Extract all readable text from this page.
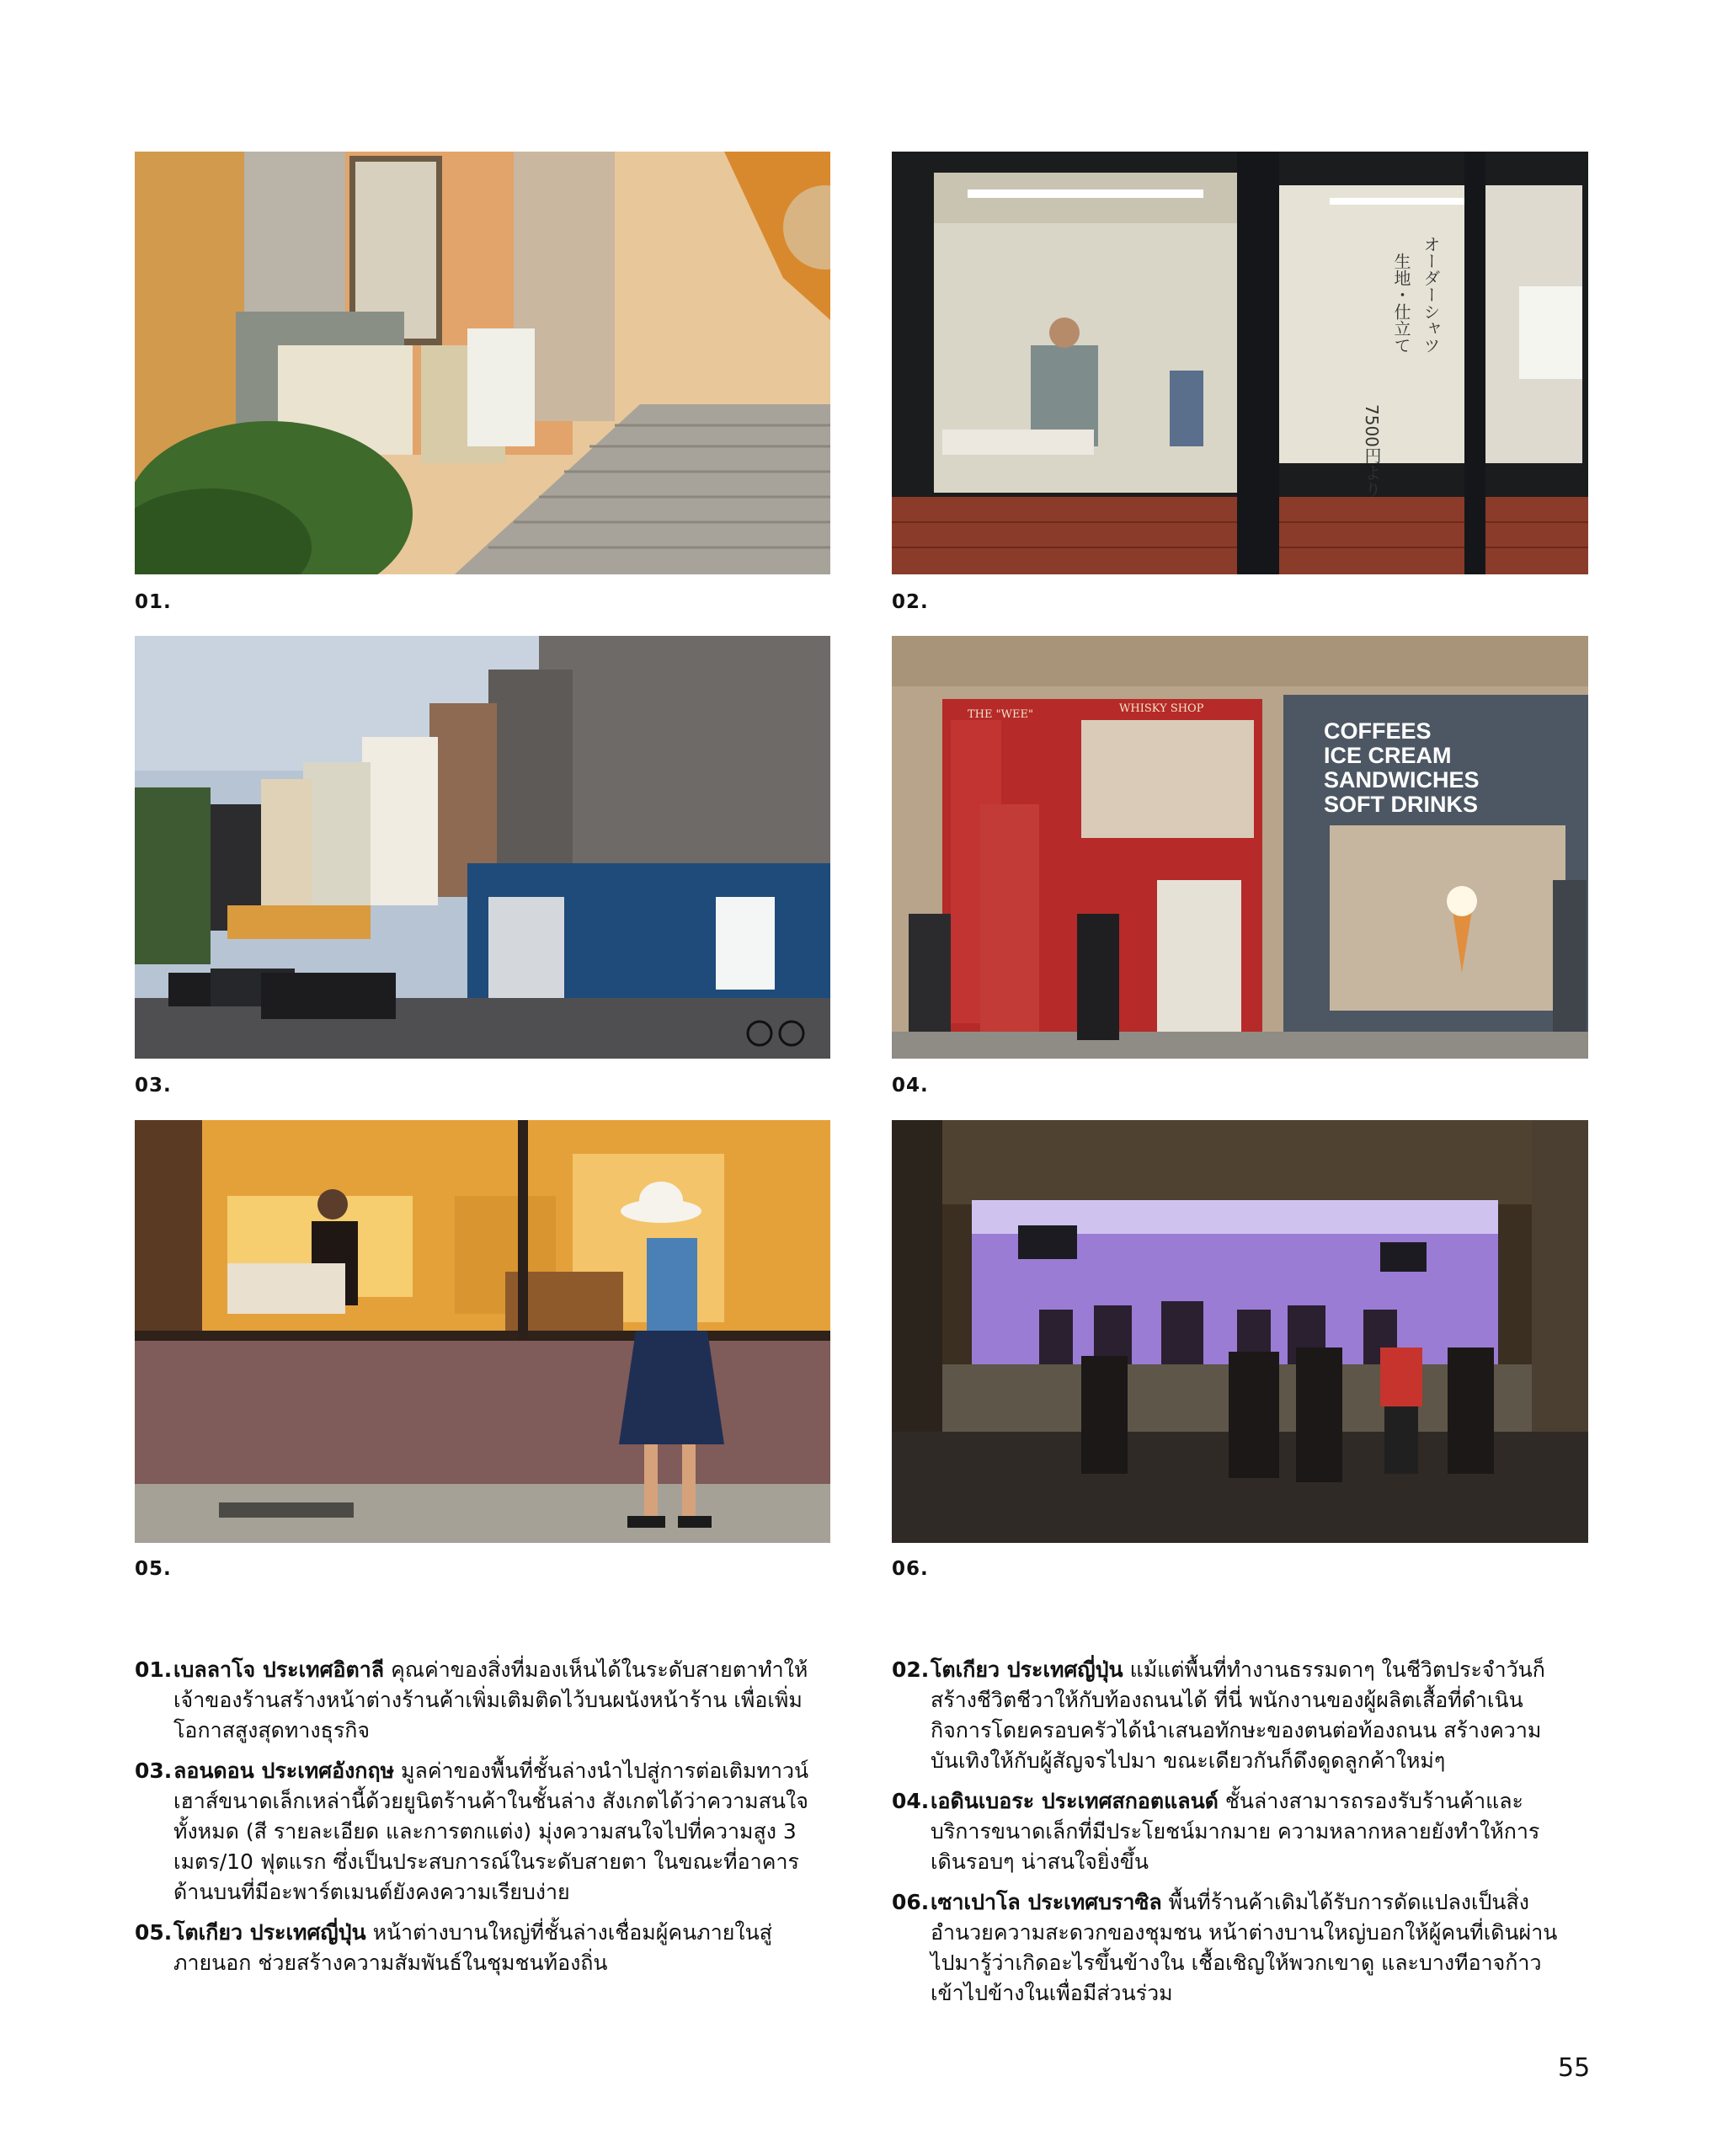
01.
オーダーシャツ
生地・仕立て
7500円より
02.
03.
THE "WEE"	WHISKY SHOP
COFFEES
ICE CREAM
SANDWICHES
SOFT DRINKS
04.
05.	06.
01. เบลลาโจ ประเทศอิตาลี คุณค่าของสิ่งที่มองเห็นได้ในระดับสายตาทำให้เจ้าของร้านสร้างหน้าต่างร้านค้าเพิ่มเติมติดไว้บนผนังหน้าร้าน เพื่อเพิ่มโอกาสสูงสุดทางธุรกิจ
03. ลอนดอน ประเทศอังกฤษ มูลค่าของพื้นที่ชั้นล่างนำไปสู่การต่อเติมทาวน์เฮาส์ขนาดเล็กเหล่านี้ด้วยยูนิตร้านค้าในชั้นล่าง สังเกตได้ว่าความสนใจทั้งหมด (สี รายละเอียด และการตกแต่ง) มุ่งความสนใจไปที่ความสูง 3 เมตร/10 ฟุตแรก ซึ่งเป็นประสบการณ์ในระดับสายตา ในขณะที่อาคารด้านบนที่มีอะพาร์ตเมนต์ยังคงความเรียบง่าย
05. โตเกียว ประเทศญี่ปุ่น หน้าต่างบานใหญ่ที่ชั้นล่างเชื่อมผู้คนภายในสู่ภายนอก ช่วยสร้างความสัมพันธ์ในชุมชนท้องถิ่น
02. โตเกียว ประเทศญี่ปุ่น แม้แต่พื้นที่ทำงานธรรมดาๆ ในชีวิตประจำวันก็สร้างชีวิตชีวาให้กับท้องถนนได้ ที่นี่ พนักงานของผู้ผลิตเสื้อที่ดำเนินกิจการโดยครอบครัวได้นำเสนอทักษะของตนต่อท้องถนน สร้างความบันเทิงให้กับผู้สัญจรไปมา ขณะเดียวกันก็ดึงดูดลูกค้าใหม่ๆ
04. เอดินเบอระ ประเทศสกอตแลนด์ ชั้นล่างสามารถรองรับร้านค้าและบริการขนาดเล็กที่มีประโยชน์มากมาย ความหลากหลายยังทำให้การเดินรอบๆ น่าสนใจยิ่งขึ้น
06. เซาเปาโล ประเทศบราซิล พื้นที่ร้านค้าเดิมได้รับการดัดแปลงเป็นสิ่งอำนวยความสะดวกของชุมชน หน้าต่างบานใหญ่บอกให้ผู้คนที่เดินผ่านไปมารู้ว่าเกิดอะไรขึ้นข้างใน เชื้อเชิญให้พวกเขาดู และบางทีอาจก้าวเข้าไปข้างในเพื่อมีส่วนร่วม
55
